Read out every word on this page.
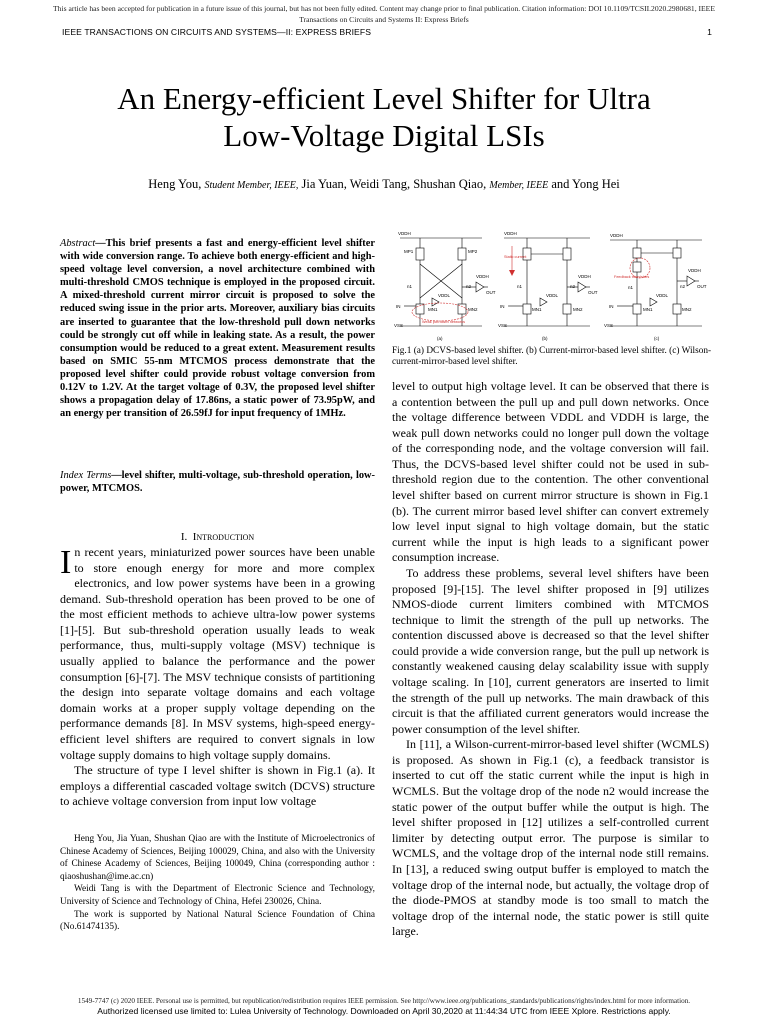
This article has been accepted for publication in a future issue of this journal, but has not been fully edited. Content may change prior to final publication. Citation information: DOI 10.1109/TCSII.2020.2980681, IEEE
Transactions on Circuits and Systems II: Express Briefs
IEEE TRANSACTIONS ON CIRCUITS AND SYSTEMS—II: EXPRESS BRIEFS	1
An Energy-efficient Level Shifter for Ultra
Low-Voltage Digital LSIs
Heng You, Student Member, IEEE, Jia Yuan, Weidi Tang, Shushan Qiao, Member, IEEE and Yong Hei
Abstract—This brief presents a fast and energy-efficient level shifter with wide conversion range. To achieve both energy-efficient and high-speed voltage level conversion, a novel architecture combined with multi-threshold CMOS technique is employed in the proposed circuit. A mixed-threshold current mirror circuit is proposed to solve the reduced swing issue in the prior arts. Moreover, auxiliary bias circuits are inserted to guarantee that the low-threshold pull down networks could be strongly cut off while in leaking state. As a result, the power consumption would be reduced to a great extent. Measurement results based on SMIC 55-nm MTCMOS process demonstrate that the proposed level shifter could provide robust voltage conversion from 0.12V to 1.2V. At the target voltage of 0.3V, the proposed level shifter shows a propagation delay of 17.86ns, a static power of 73.95pW, and an energy per transition of 26.59fJ for input frequency of 1MHz.
Index Terms—level shifter, multi-voltage, sub-threshold operation, low-power, MTCMOS.
I. Introduction

In recent years, miniaturized power sources have been unable to store enough energy for more and more complex electronics, and low power systems have been in a growing demand. Sub-threshold operation has been proved to be one of the most efficient methods to achieve ultra-low power systems [1]-[5]. But sub-threshold operation usually leads to weak performance, thus, multi-supply voltage (MSV) technique is usually applied to balance the performance and the power consumption [6]-[7]. The MSV technique consists of partitioning the design into separate voltage domains and each voltage domain works at a proper supply voltage depending on the performance demands [8]. In MSV systems, high-speed energy-efficient level shifters are required to convert signals in low voltage supply domains to high voltage supply domains.

The structure of type I level shifter is shown in Fig.1 (a). It employs a differential cascaded voltage switch (DCVS) structure to achieve voltage conversion from input low voltage

Heng You, Jia Yuan, Shushan Qiao are with the Institute of Microelectronics of Chinese Academy of Sciences, Beijing 100029, China, and also with the University of Chinese Academy of Sciences, Beijing 100049, China (corresponding author : qiaoshushan@ime.ac.cn)

Weidi Tang is with the Department of Electronic Science and Technology, University of Science and Technology of China, Hefei 230026, China.

The work is supported by National Natural Science Foundation of China (No.61474135).

VDDH
MP1	MP2
MN1	MN2
n1	n2
VDDH
OUT
IN
VDDL
VSS
Weak pull down networks
(a)
VDDH
Static current
n1	n2
VDDH
OUT
MN1	MN2
IN
VDDL
VSS
(b)
VDDH
Feedback transistors
n1	n2
VDDH
OUT
MN1	MN2
IN
VDDL
VSS
(c)
Fig.1 (a) DCVS-based level shifter. (b) Current-mirror-based level shifter. (c) Wilson-current-mirror-based level shifter.

level to output high voltage level. It can be observed that there is a contention between the pull up and pull down networks. Once the voltage difference between VDDL and VDDH is large, the weak pull down networks could no longer pull down the voltage of the corresponding node, and the voltage conversion will fail. Thus, the DCVS-based level shifter could not be used in sub-threshold region due to the contention. The other conventional level shifter based on current mirror structure is shown in Fig.1 (b). The current mirror based level shifter can convert extremely low level input signal to high voltage domain, but the static current while the input is high leads to a significant power consumption increase.

To address these problems, several level shifters have been proposed [9]-[15]. The level shifter proposed in [9] utilizes NMOS-diode current limiters combined with MTCMOS technique to limit the strength of the pull up networks. The contention discussed above is decreased so that the level shifter could provide a wide conversion range, but the pull up network is constantly weakened causing delay scalability issue with supply voltage scaling. In [10], current generators are inserted to limit the strength of the pull up networks. The main drawback of this circuit is that the affiliated current generators would increase the power consumption of the level shifter.

In [11], a Wilson-current-mirror-based level shifter (WCMLS) is proposed. As shown in Fig.1 (c), a feedback transistor is inserted to cut off the static current while the input is high in WCMLS. But the voltage drop of the node n2 would increase the static power of the output buffer while the output is high. The level shifter proposed in [12] utilizes a self-controlled current limiter by detecting output error. The purpose is similar to WCMLS, and the voltage drop of the internal node still remains. In [13], a reduced swing output buffer is employed to match the voltage drop of the internal node, but actually, the voltage drop of the diode-PMOS at standby mode is too small to match the voltage drop of the internal node, the static power is still quite large.

1549-7747 (c) 2020 IEEE. Personal use is permitted, but republication/redistribution requires IEEE permission. See http://www.ieee.org/publications_standards/publications/rights/index.html for more information.
Authorized licensed use limited to: Lulea University of Technology. Downloaded on April 30,2020 at 11:44:34 UTC from IEEE Xplore. Restrictions apply.
